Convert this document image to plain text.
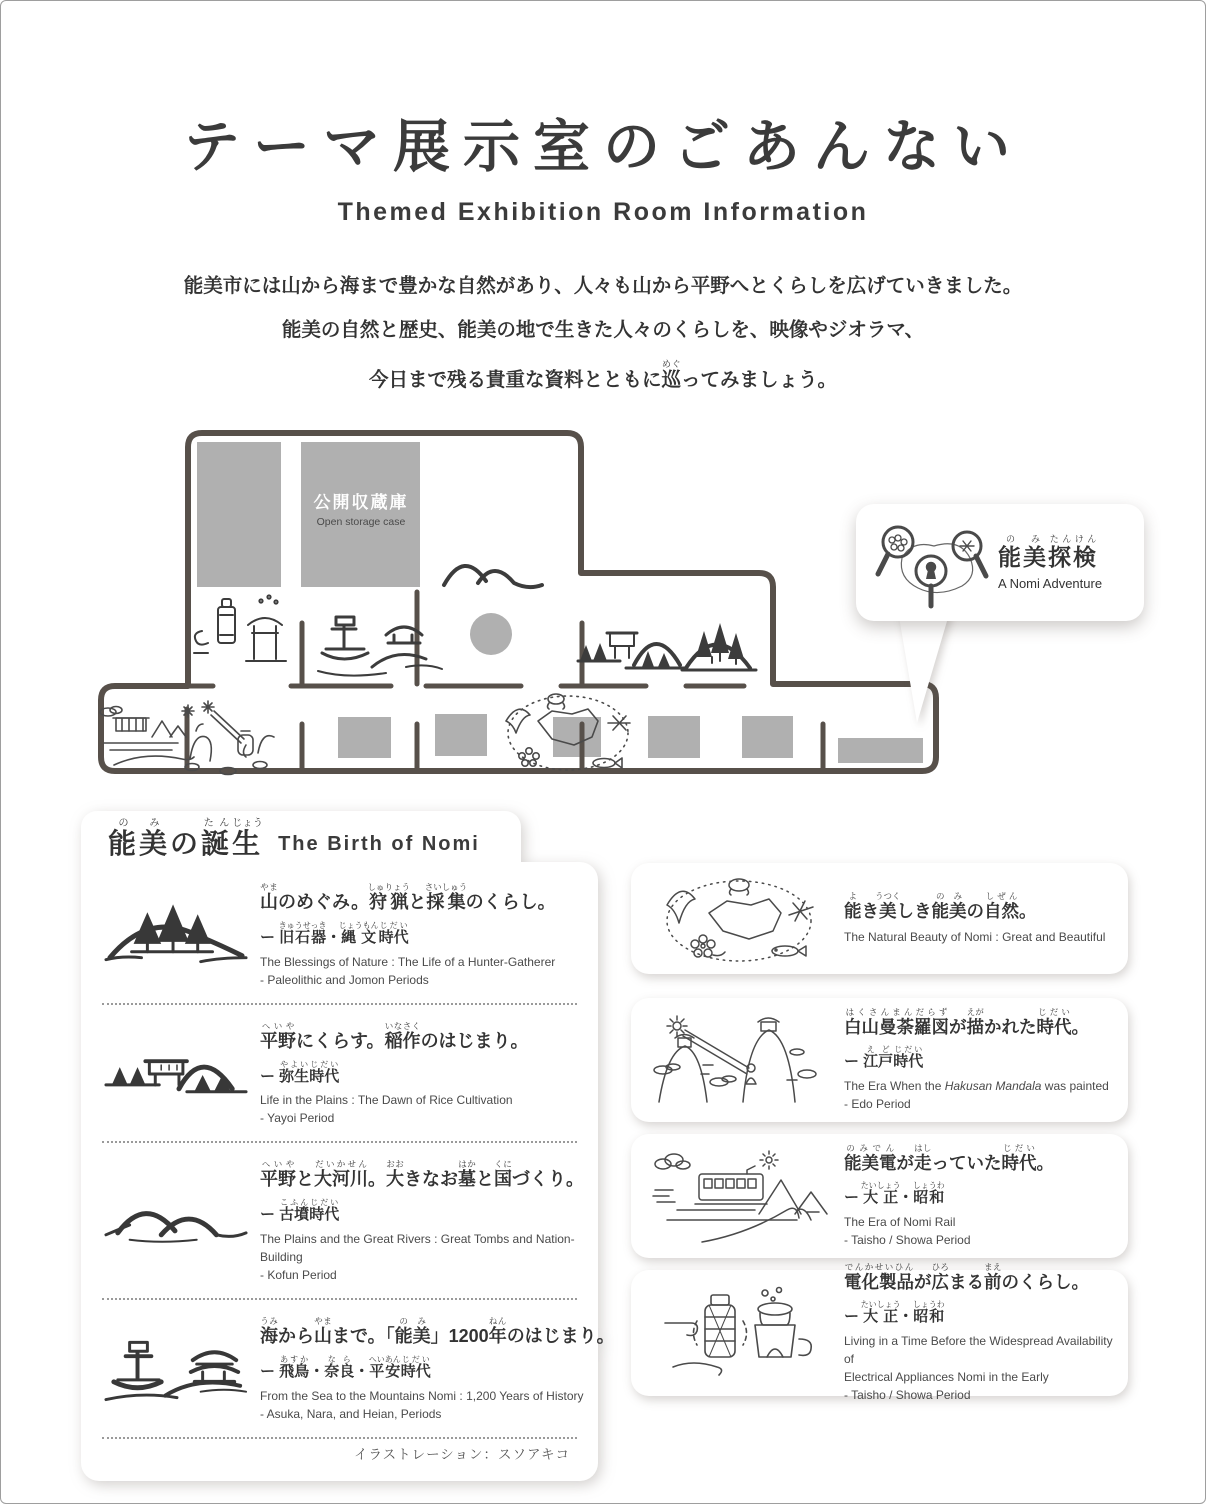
テーマ展示室のごあんない
Themed Exhibition Room Information

能美市には山から海まで豊かな自然があり、人々も山から平野へとくらしを広げていきました。

能美の自然と歴史、能美の地で生きた人々のくらしを、映像やジオラマ、

今日まで残る貴重な資料とともに巡めぐってみましょう。

公開収蔵庫
Open storage case
能の美み探たん検けん
A Nomi Adventure
能の美みの誕たん生じょう
The Birth of Nomi
山やまのめぐみ。狩猟しゅりょうと採集さいしゅうのくらし。
ー 旧石器きゅうせっき・縄文じょうもん時代じだい
The Blessings of Nature : The Life of a Hunter-Gatherer
- Paleolithic and Jomon Periods
平野へいやにくらす。稲作いなさくのはじまり。
ー 弥生やよい時代じだい
Life in the Plains : The Dawn of Rice Cultivation
- Yayoi Period
平野へいやと大河川だいかせん。大おおきなお墓はかと国くにづくり。
ー 古墳こふん時代じだい
The Plains and the Great Rivers : Great Tombs and Nation-Building
- Kofun Period
海うみから山やままで。「能美のみ」1200年ねんのはじまり。
ー 飛鳥あすか・奈良なら・平安へいあん時代じだい
From the Sea to the Mountains Nomi : 1,200 Years of History
- Asuka, Nara, and Heian, Periods
イラストレーション：スソアキコ
能よき美うつくしき能美のみの自然しぜん。
The Natural Beauty of Nomi : Great and Beautiful
白山曼荼羅図はくさんまんだらずが描えがかれた時代じだい。
ー 江戸えど時代じだい
The Era When the Hakusan Mandala was painted
- Edo Period
能美電のみでんが走はしっていた時代じだい。
ー 大正たいしょう・昭和しょうわ
The Era of Nomi Rail
- Taisho / Showa Period
電化製品でんかせいひんが広ひろまる前まえのくらし。
ー 大正たいしょう・昭和しょうわ
Living in a Time Before the Widespread Availability of
Electrical Appliances Nomi in the Early
- Taisho / Showa Period
